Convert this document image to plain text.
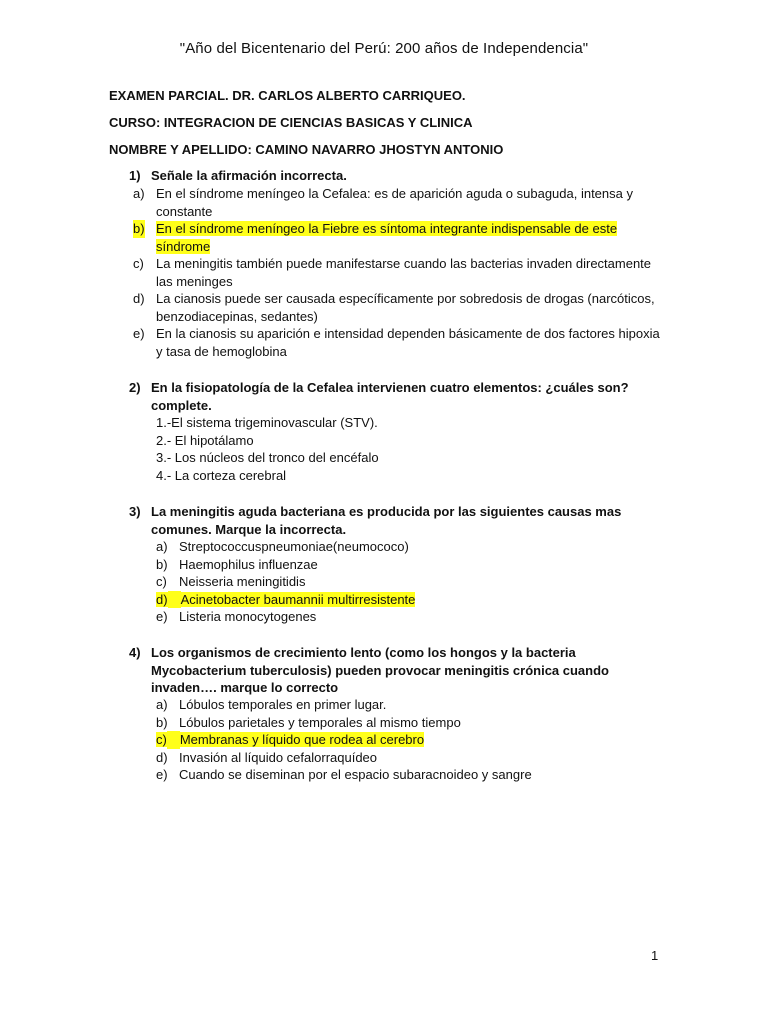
"Año del Bicentenario del Perú: 200 años de Independencia"
EXAMEN PARCIAL. DR. CARLOS ALBERTO CARRIQUEO.
CURSO: INTEGRACION DE CIENCIAS BASICAS Y CLINICA
NOMBRE Y APELLIDO: CAMINO NAVARRO JHOSTYN ANTONIO
1) Señale la afirmación incorrecta.
a) En el síndrome meníngeo la Cefalea: es de aparición aguda o subaguda, intensa y constante
b) En el síndrome meníngeo la Fiebre es síntoma integrante indispensable de este síndrome
c) La meningitis también puede manifestarse cuando las bacterias invaden directamente las meninges
d) La cianosis puede ser causada específicamente por sobredosis de drogas (narcóticos, benzodiacepinas, sedantes)
e) En la cianosis su aparición e intensidad dependen básicamente de dos factores hipoxia y tasa de hemoglobina
2) En la fisiopatología de la Cefalea intervienen cuatro elementos: ¿cuáles son? complete.
1.-El sistema trigeminovascular (STV).
2.- El hipotálamo
3.- Los núcleos del tronco del encéfalo
4.- La corteza cerebral
3) La meningitis aguda bacteriana es producida por las siguientes causas mas comunes. Marque la incorrecta.
a) Streptococcuspneumoniae(neumococo)
b) Haemophilus influenzae
c) Neisseria meningitidis
d) Acinetobacter baumannii multirresistente
e) Listeria monocytogenes
4) Los organismos de crecimiento lento (como los hongos y la bacteria Mycobacterium tuberculosis) pueden provocar meningitis crónica cuando invaden…. marque lo correcto
a) Lóbulos temporales en primer lugar.
b) Lóbulos parietales y temporales al mismo tiempo
c) Membranas y líquido que rodea al cerebro
d) Invasión al líquido cefalorraquídeo
e) Cuando se diseminan por el espacio subaracnoideo y sangre
1
